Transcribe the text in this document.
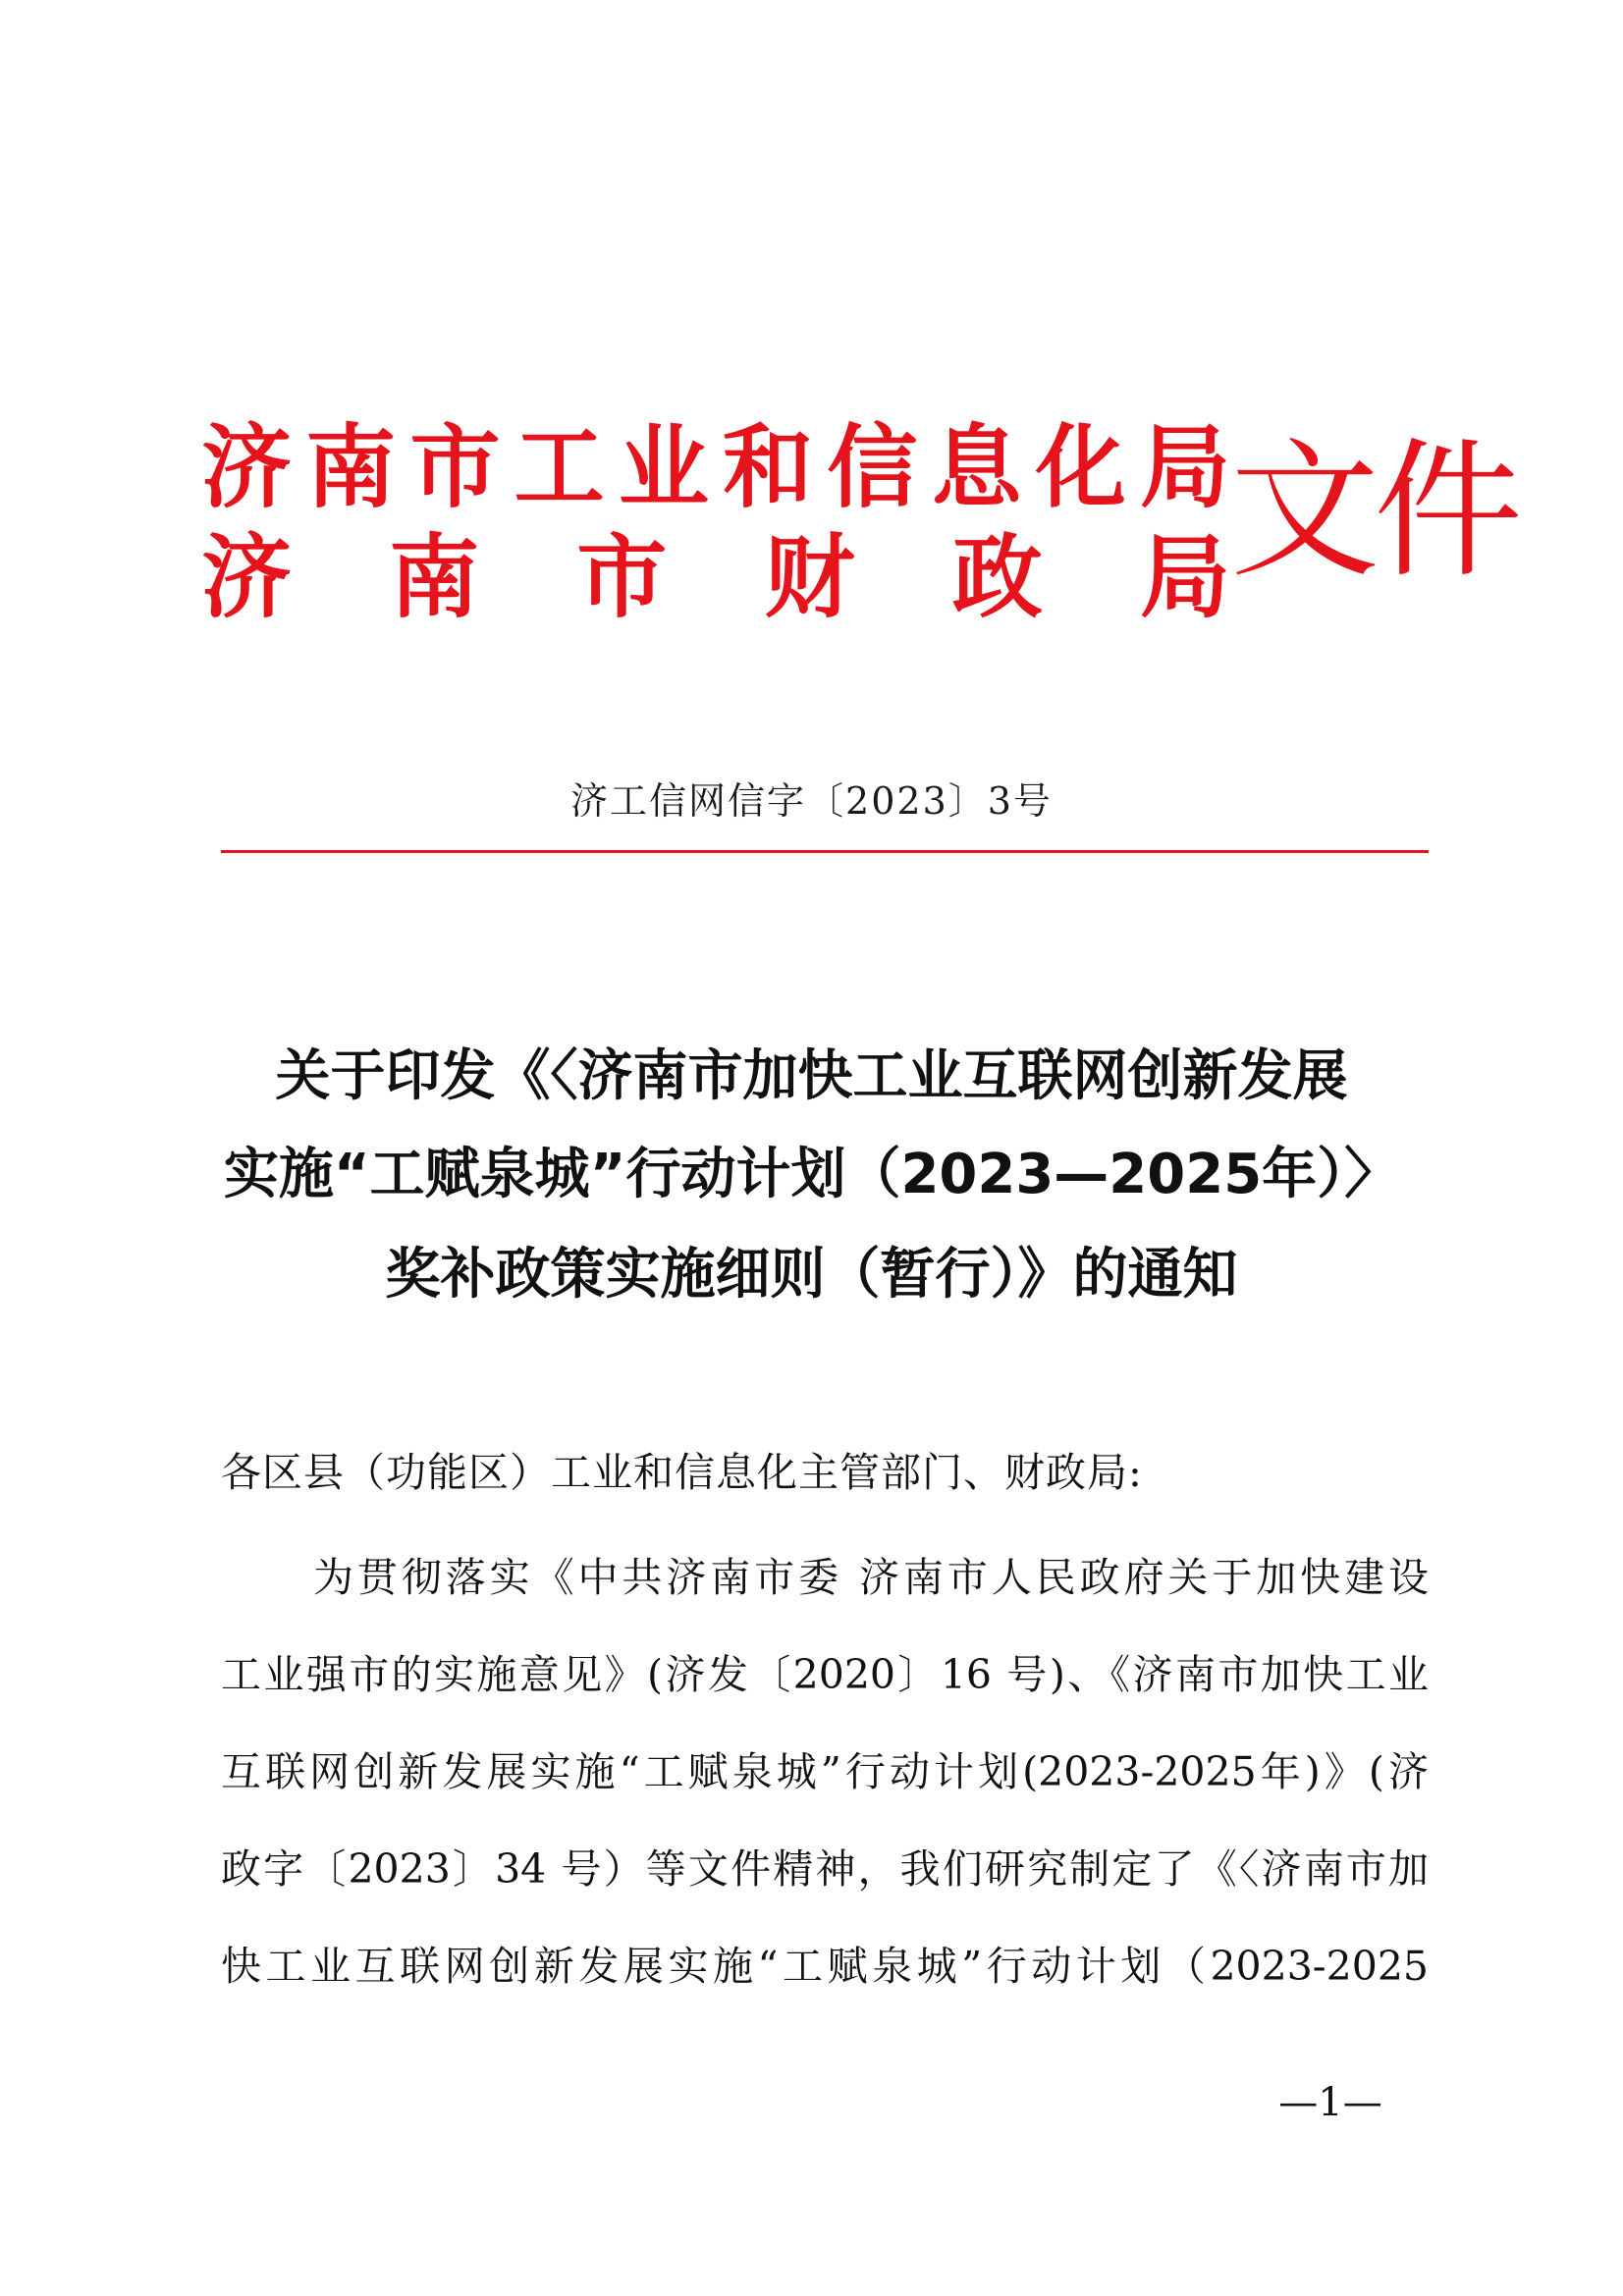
济 南 市 工 业 和 信 息 化 局
济 南 市 财 政 局 文件
济工信网信字〔2023〕3号
关于印发《〈济南市加快工业互联网创新发展
实施“工赋泉城”行动计划（2023—2025年）〉
奖补政策实施细则（暂行）》的通知
各区县（功能区）工业和信息化主管部门、财政局:
为贯彻落实《中共济南市委 济南市人民政府关于加快建设
工业强市的实施意见》(济发〔2020〕16 号)、《济南市加快工业
互联网创新发展实施“工赋泉城”行动计划(2023-2025年)》(济
政字〔2023〕34 号）等文件精神，我们研究制定了《〈济南市加
快工业互联网创新发展实施“工赋泉城”行动计划（2023-2025
—1—
